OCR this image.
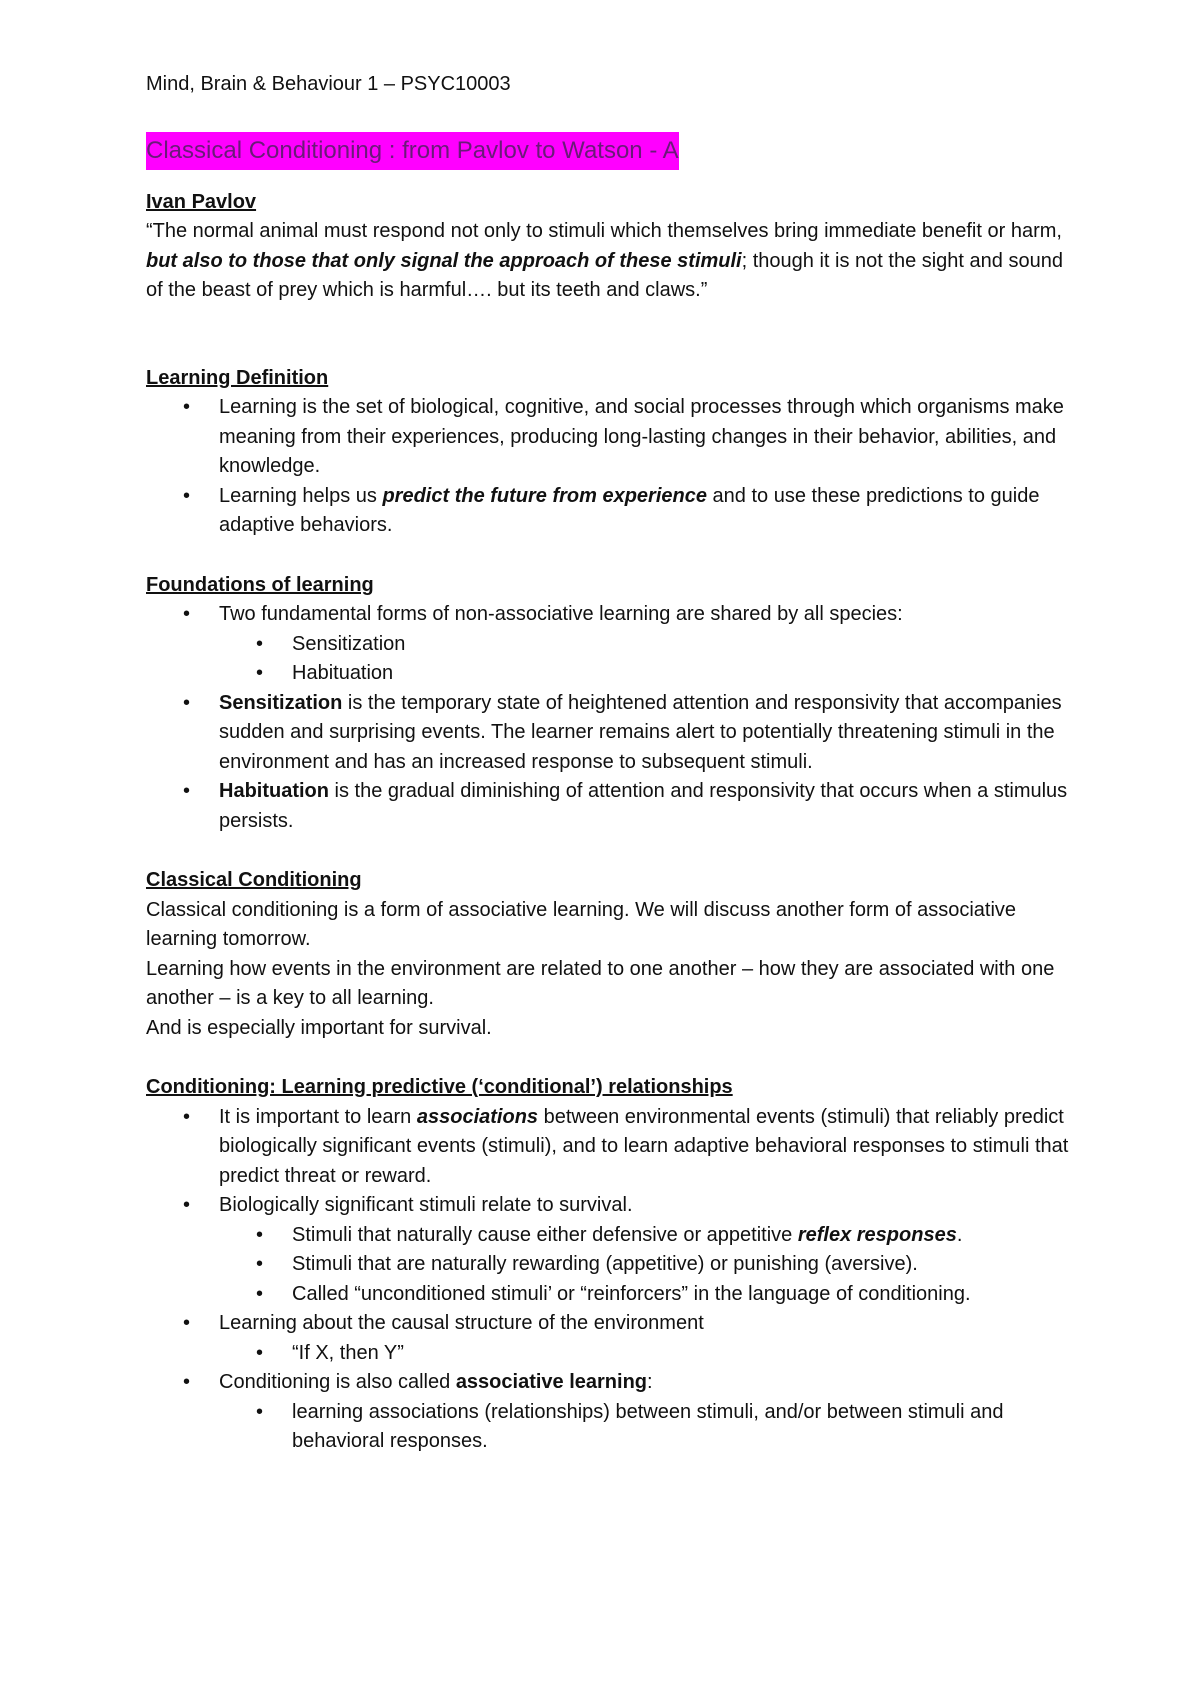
Mind, Brain & Behaviour 1 – PSYC10003

Classical Conditioning : from Pavlov to Watson - A

Ivan Pavlov

“The normal animal must respond not only to stimuli which themselves bring immediate benefit or harm, but also to those that only signal the approach of these stimuli; though it is not the sight and sound of the beast of prey which is harmful…. but its teeth and claws.”

Learning Definition

• Learning is the set of biological, cognitive, and social processes through which organisms make meaning from their experiences, producing long-lasting changes in their behavior, abilities, and knowledge.
• Learning helps us predict the future from experience and to use these predictions to guide adaptive behaviors.

Foundations of learning

• Two fundamental forms of non-associative learning are shared by all species:
• Sensitization
• Habituation
• Sensitization is the temporary state of heightened attention and responsivity that accompanies sudden and surprising events. The learner remains alert to potentially threatening stimuli in the environment and has an increased response to subsequent stimuli.
• Habituation is the gradual diminishing of attention and responsivity that occurs when a stimulus persists.

Classical Conditioning

Classical conditioning is a form of associative learning. We will discuss another form of associative learning tomorrow.

Learning how events in the environment are related to one another – how they are associated with one another – is a key to all learning.

And is especially important for survival.

Conditioning: Learning predictive (‘conditional’) relationships

• It is important to learn associations between environmental events (stimuli) that reliably predict biologically significant events (stimuli), and to learn adaptive behavioral responses to stimuli that predict threat or reward.
• Biologically significant stimuli relate to survival.
• Stimuli that naturally cause either defensive or appetitive reflex responses.
• Stimuli that are naturally rewarding (appetitive) or punishing (aversive).
• Called “unconditioned stimuli’ or “reinforcers” in the language of conditioning.
• Learning about the causal structure of the environment
• “If X, then Y”
• Conditioning is also called associative learning:
• learning associations (relationships) between stimuli, and/or between stimuli and behavioral responses.
